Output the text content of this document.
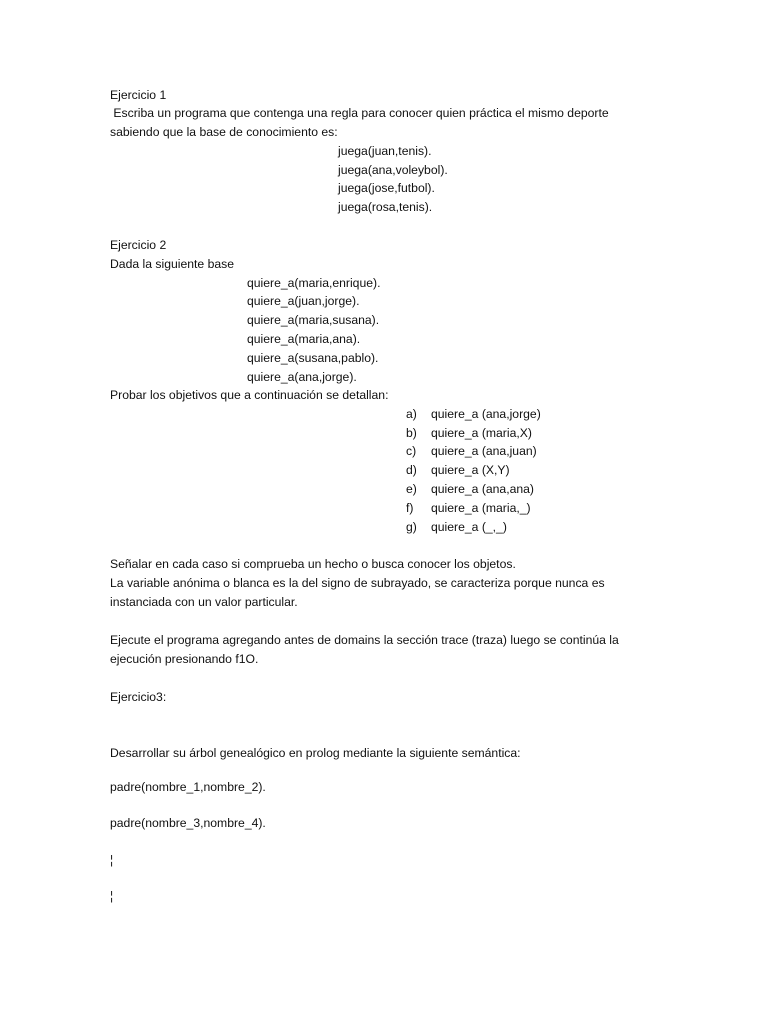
Ejercicio 1
Escriba un programa que contenga una regla para conocer quien práctica el mismo deporte
sabiendo que la base de conocimiento es:
juega(juan,tenis).
juega(ana,voleybol).
juega(jose,futbol).
juega(rosa,tenis).
Ejercicio 2
Dada la siguiente base
quiere_a(maria,enrique).
quiere_a(juan,jorge).
quiere_a(maria,susana).
quiere_a(maria,ana).
quiere_a(susana,pablo).
quiere_a(ana,jorge).
Probar los objetivos que a continuación se detallan:
a) quiere_a (ana,jorge)
b) quiere_a (maria,X)
c) quiere_a (ana,juan)
d) quiere_a (X,Y)
e) quiere_a (ana,ana)
f) quiere_a (maria,_)
g) quiere_a (_,_)
Señalar en cada caso si comprueba un hecho o busca conocer los objetos.
La variable anónima o blanca es la del signo de subrayado, se caracteriza porque nunca es
instanciada con un valor particular.
Ejecute el programa agregando antes de domains la sección trace (traza) luego se continúa la
ejecución presionando f1O.
Ejercicio3:
Desarrollar su árbol genealógico en prolog mediante la siguiente semántica:
padre(nombre_1,nombre_2).
padre(nombre_3,nombre_4).
¦
¦
